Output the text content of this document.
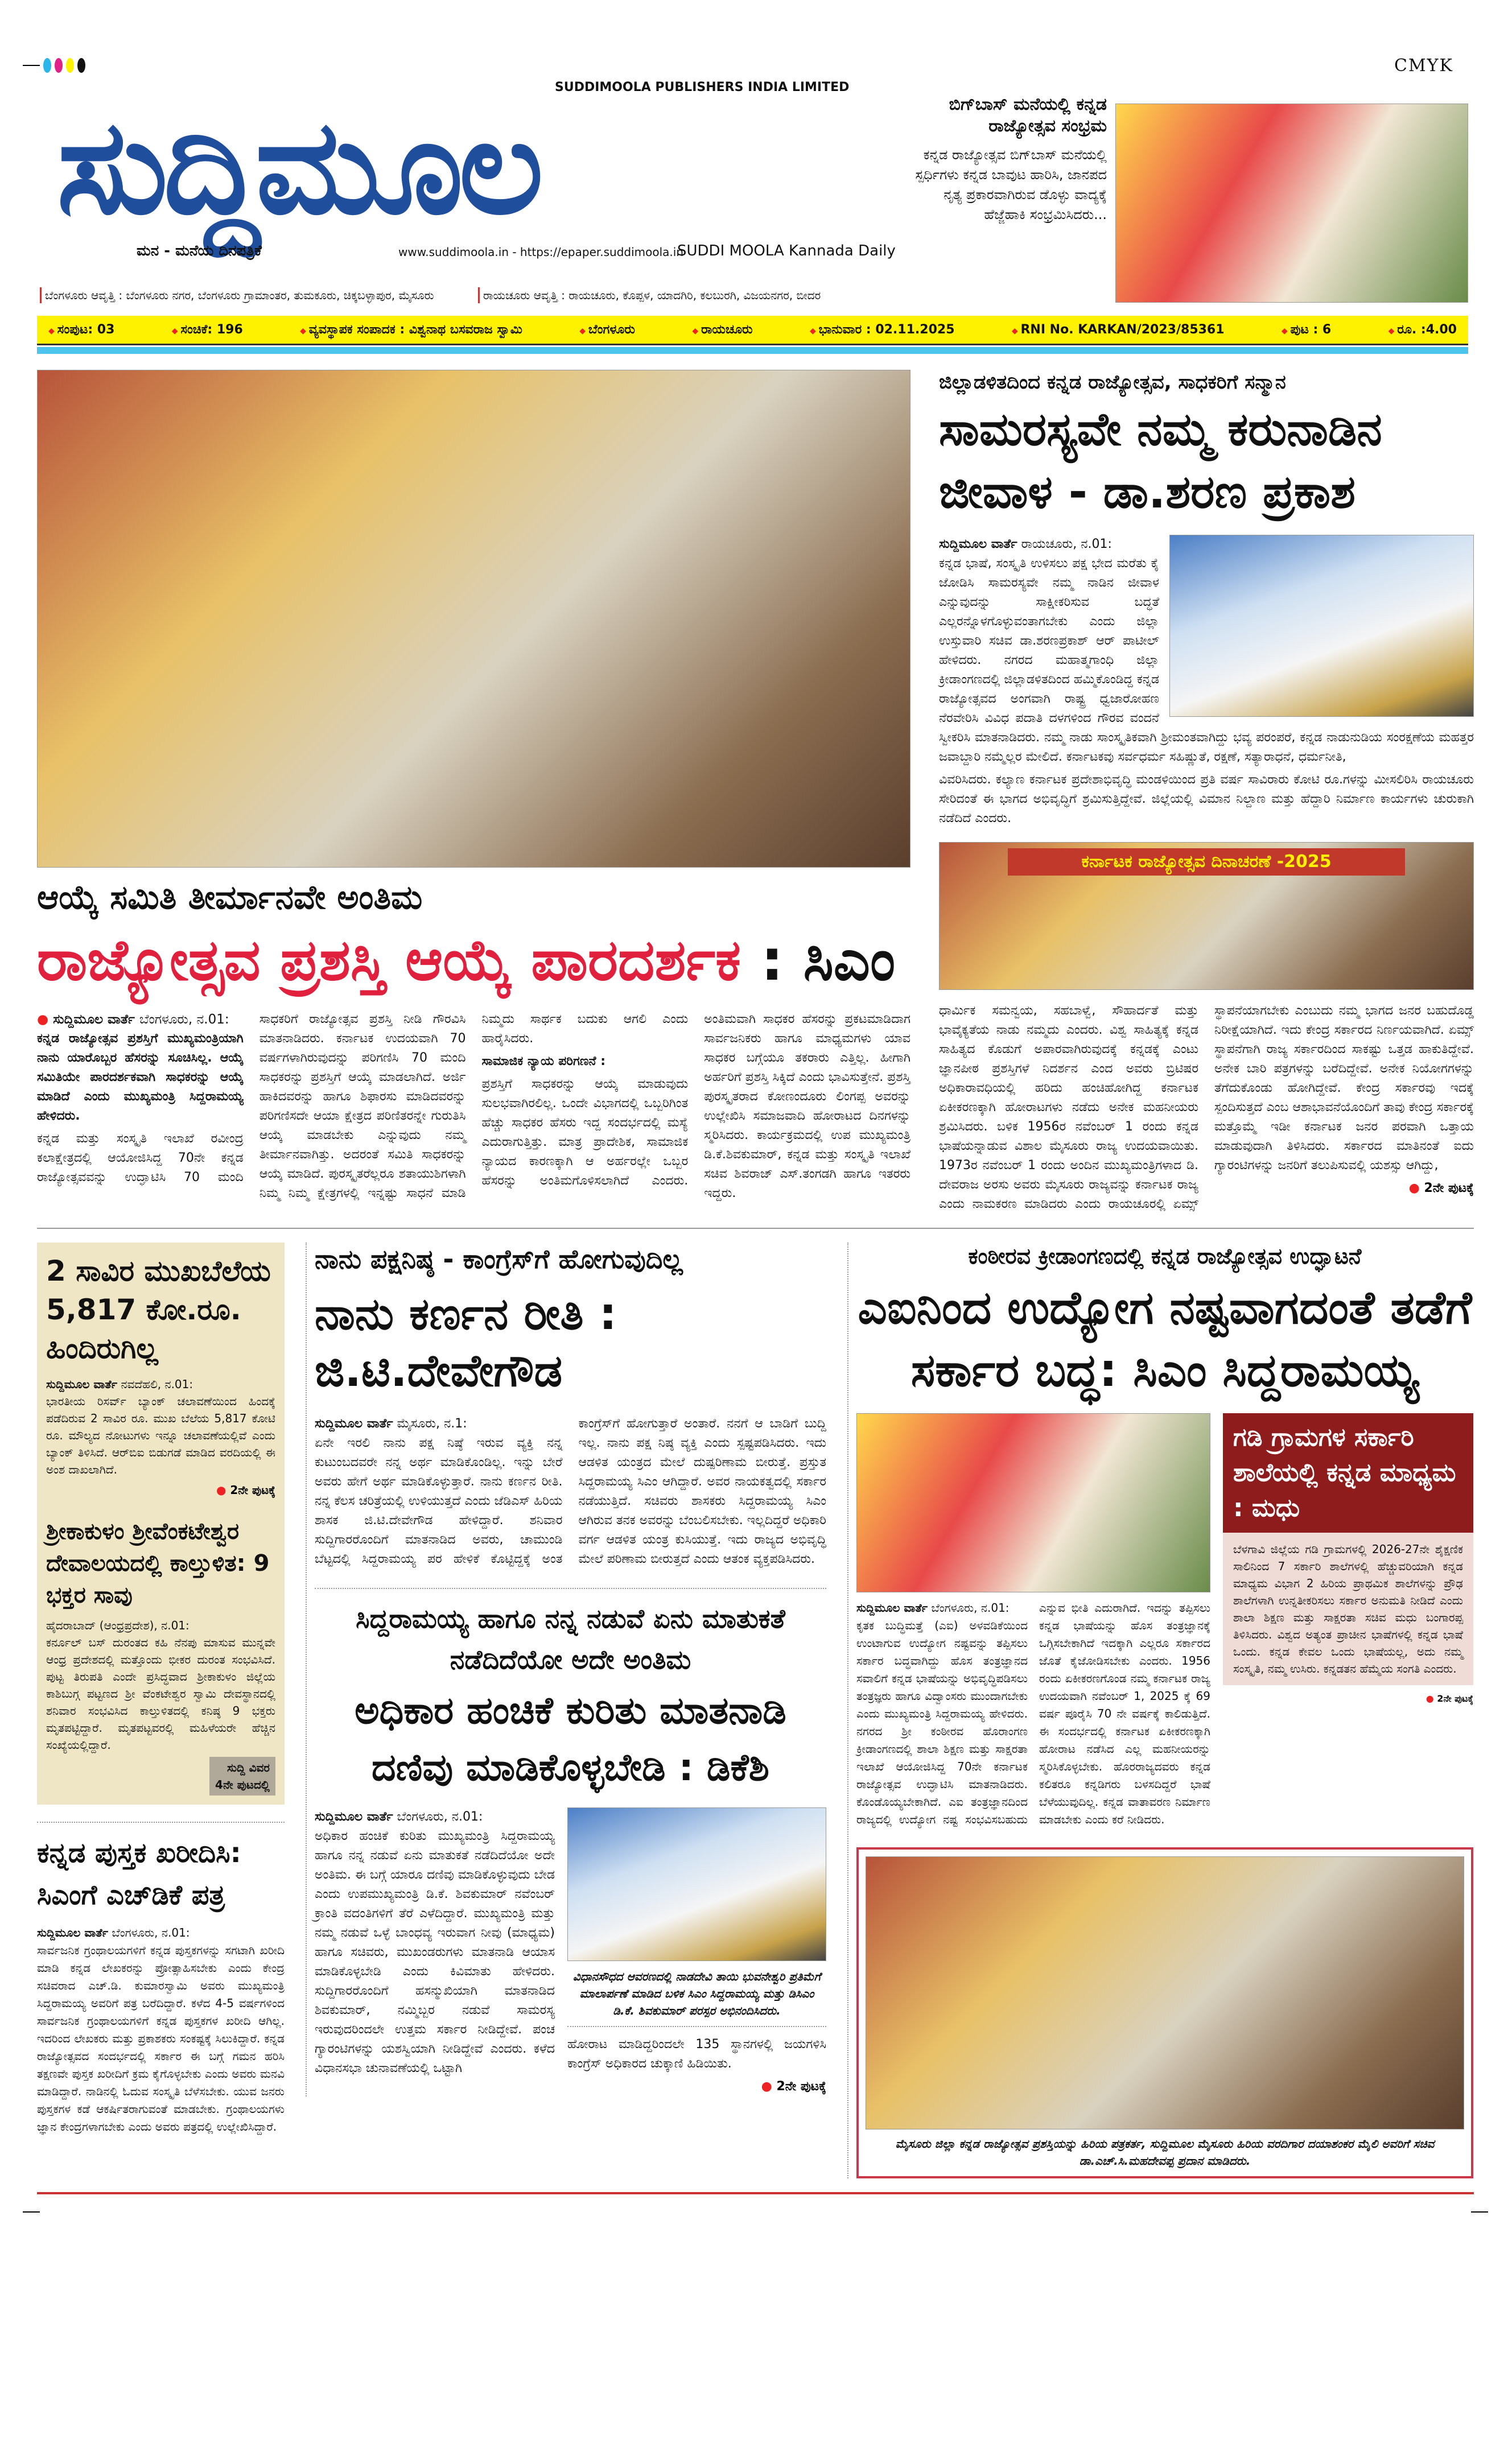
CMYK
SUDDIMOOLA PUBLISHERS INDIA LIMITED
ಸುದ್ದಿಮೂಲ
ಮನ - ಮನೆಯ ದಿನಪತ್ರಿಕೆ	www.suddimoola.in - https://epaper.suddimoola.in
SUDDI MOOLA Kannada Daily
ಬೆಂಗಳೂರು ಆವೃತ್ತಿ : ಬೆಂಗಳೂರು ನಗರ, ಬೆಂಗಳೂರು ಗ್ರಾಮಾಂತರ, ತುಮಕೂರು, ಚಿಕ್ಕಬಳ್ಳಾಪುರ, ಮೈಸೂರು	ರಾಯಚೂರು ಆವೃತ್ತಿ : ರಾಯಚೂರು, ಕೊಪ್ಪಳ, ಯಾದಗಿರಿ, ಕಲಬುರಗಿ, ವಿಜಯನಗರ, ಬೀದರ
ಬಿಗ್‌ಬಾಸ್ ಮನೆಯಲ್ಲಿ ಕನ್ನಡ ರಾಜ್ಯೋತ್ಸವ ಸಂಭ್ರಮ
ಕನ್ನಡ ರಾಜ್ಯೋತ್ಸವ ಬಿಗ್‌ಬಾಸ್ ಮನೆಯಲ್ಲಿ ಸ್ಪರ್ಧಿಗಳು ಕನ್ನಡ ಬಾವುಟ ಹಾರಿಸಿ, ಜಾನಪದ ನೃತ್ಯ ಪ್ರಕಾರವಾಗಿರುವ ಡೊಳ್ಳು ವಾದ್ಯಕ್ಕೆ ಹೆಜ್ಜೆಹಾಕಿ ಸಂಭ್ರಮಿಸಿದರು...
◆ ಸಂಪುಟ: 03	◆ ಸಂಚಿಕೆ: 196	◆ ವ್ಯವಸ್ಥಾಪಕ ಸಂಪಾದಕ : ವಿಶ್ವನಾಥ ಬಸವರಾಜ ಸ್ವಾಮಿ	◆ ಬೆಂಗಳೂರು	◆ ರಾಯಚೂರು	◆ ಭಾನುವಾರ : 02.11.2025	◆ RNI No. KARKAN/2023/85361	◆ ಪುಟ : 6	◆ ರೂ. :4.00
ಆಯ್ಕೆ ಸಮಿತಿ ತೀರ್ಮಾನವೇ ಅಂತಿಮ
ರಾಜ್ಯೋತ್ಸವ ಪ್ರಶಸ್ತಿ ಆಯ್ಕೆ ಪಾರದರ್ಶಕ : ಸಿಎಂ
● ಸುದ್ದಿಮೂಲ ವಾರ್ತೆ ಬೆಂಗಳೂರು, ನ.01:

ಕನ್ನಡ ರಾಜ್ಯೋತ್ಸವ ಪ್ರಶಸ್ತಿಗೆ ಮುಖ್ಯಮಂತ್ರಿಯಾಗಿ ನಾನು ಯಾರೊಬ್ಬರ ಹೆಸರನ್ನು ಸೂಚಿಸಿಲ್ಲ. ಆಯ್ಕೆ ಸಮಿತಿಯೇ ಪಾರದರ್ಶಕವಾಗಿ ಸಾಧಕರನ್ನು ಆಯ್ಕೆ ಮಾಡಿದೆ ಎಂದು ಮುಖ್ಯಮಂತ್ರಿ ಸಿದ್ದರಾಮಯ್ಯ ಹೇಳಿದರು.

ಕನ್ನಡ ಮತ್ತು ಸಂಸ್ಕೃತಿ ಇಲಾಖೆ ರವೀಂದ್ರ ಕಲಾಕ್ಷೇತ್ರದಲ್ಲಿ ಆಯೋಜಿಸಿದ್ದ 70ನೇ ಕನ್ನಡ ರಾಜ್ಯೋತ್ಸವವನ್ನು ಉದ್ಘಾಟಿಸಿ 70 ಮಂದಿ ಸಾಧಕರಿಗೆ ರಾಜ್ಯೋತ್ಸವ ಪ್ರಶಸ್ತಿ ನೀಡಿ ಗೌರವಿಸಿ ಮಾತನಾಡಿದರು. ಕರ್ನಾಟಕ ಉದಯವಾಗಿ 70 ವರ್ಷಗಳಾಗಿರುವುದನ್ನು ಪರಿಗಣಿಸಿ 70 ಮಂದಿ ಸಾಧಕರನ್ನು ಪ್ರಶಸ್ತಿಗೆ ಆಯ್ಕೆ ಮಾಡಲಾಗಿದೆ. ಅರ್ಜಿ ಹಾಕಿದವರನ್ನು ಹಾಗೂ ಶಿಫಾರಸು ಮಾಡಿದವರನ್ನು ಪರಿಗಣಿಸದೇ ಆಯಾ ಕ್ಷೇತ್ರದ ಪರಿಣಿತರನ್ನೇ ಗುರುತಿಸಿ ಆಯ್ಕೆ ಮಾಡಬೇಕು ಎನ್ನುವುದು ನಮ್ಮ ತೀರ್ಮಾನವಾಗಿತ್ತು. ಅದರಂತೆ ಸಮಿತಿ ಸಾಧಕರನ್ನು ಆಯ್ಕೆ ಮಾಡಿದೆ. ಪುರಸ್ಕೃತರೆಲ್ಲರೂ ಶತಾಯುಶಿಗಳಾಗಿ ನಿಮ್ಮ ನಿಮ್ಮ ಕ್ಷೇತ್ರಗಳಲ್ಲಿ ಇನ್ನಷ್ಟು ಸಾಧನೆ ಮಾಡಿ ನಿಮ್ಮದು ಸಾರ್ಥಕ ಬದುಕು ಆಗಲಿ ಎಂದು ಹಾರೈಸಿದರು.

ಸಾಮಾಜಿಕ ನ್ಯಾಯ ಪರಿಗಣನೆ :

ಪ್ರಶಸ್ತಿಗೆ ಸಾಧಕರನ್ನು ಆಯ್ಕೆ ಮಾಡುವುದು ಸುಲಭವಾಗಿರಲಿಲ್ಲ. ಒಂದೇ ವಿಭಾಗದಲ್ಲಿ ಒಬ್ಬರಿಗಿಂತ ಹೆಚ್ಚು ಸಾಧಕರ ಹೆಸರು ಇದ್ದ ಸಂದರ್ಭದಲ್ಲಿ ಮಸ್ಯೆ ಎದುರಾಗುತ್ತಿತ್ತು. ಮಾತ್ರ ಪ್ರಾದೇಶಿಕ, ಸಾಮಾಜಿಕ ನ್ಯಾಯದ ಕಾರಣಕ್ಕಾಗಿ ಆ ಅರ್ಹರಲ್ಲೇ ಒಬ್ಬರ ಹೆಸರನ್ನು ಅಂತಿಮಗೊಳಿಸಲಾಗಿದೆ ಎಂದರು. ಅಂತಿಮವಾಗಿ ಸಾಧಕರ ಹೆಸರನ್ನು ಪ್ರಕಟಮಾಡಿದಾಗ ಸಾರ್ವಜನಿಕರು ಹಾಗೂ ಮಾಧ್ಯಮಗಳು ಯಾವ ಸಾಧಕರ ಬಗ್ಗೆಯೂ ತಕರಾರು ಎತ್ತಿಲ್ಲ. ಹೀಗಾಗಿ ಅರ್ಹರಿಗೆ ಪ್ರಶಸ್ತಿ ಸಿಕ್ಕಿದೆ ಎಂದು ಭಾವಿಸುತ್ತೇನೆ. ಪ್ರಶಸ್ತಿ ಪುರಸ್ಕೃತರಾದ ಕೋಣಂದೂರು ಲಿಂಗಪ್ಪ ಅವರನ್ನು ಉಲ್ಲೇಖಿಸಿ ಸಮಾಜವಾದಿ ಹೋರಾಟದ ದಿನಗಳನ್ನು ಸ್ಮರಿಸಿದರು. ಕಾರ್ಯಕ್ರಮದಲ್ಲಿ ಉಪ ಮುಖ್ಯಮಂತ್ರಿ ಡಿ.ಕೆ.ಶಿವಕುಮಾರ್, ಕನ್ನಡ ಮತ್ತು ಸಂಸ್ಕೃತಿ ಇಲಾಖೆ ಸಚಿವ ಶಿವರಾಜ್ ಎಸ್.ತಂಗಡಗಿ ಹಾಗೂ ಇತರರು ಇದ್ದರು.

ಜಿಲ್ಲಾಡಳಿತದಿಂದ ಕನ್ನಡ ರಾಜ್ಯೋತ್ಸವ, ಸಾಧಕರಿಗೆ ಸನ್ಮಾನ
ಸಾಮರಸ್ಯವೇ ನಮ್ಮ ಕರುನಾಡಿನ ಜೀವಾಳ - ಡಾ.ಶರಣ ಪ್ರಕಾಶ
ಸುದ್ದಿಮೂಲ ವಾರ್ತೆ ರಾಯಚೂರು, ನ.01:

ಕನ್ನಡ ಭಾಷೆ, ಸಂಸ್ಕೃತಿ ಉಳಿಸಲು ಪಕ್ಷ ಭೇದ ಮರೆತು ಕೈ ಜೋಡಿಸಿ ಸಾಮರಸ್ಯವೇ ನಮ್ಮ ನಾಡಿನ ಜೀವಾಳ ಎನ್ನುವುದನ್ನು ಸಾಕ್ಷೀಕರಿಸುವ ಬದ್ಧತೆ ಎಲ್ಲರನ್ನೊಳಗೊಳ್ಳುವಂತಾಗಬೇಕು ಎಂದು ಜಿಲ್ಲಾ ಉಸ್ತುವಾರಿ ಸಚಿವ ಡಾ.ಶರಣಪ್ರಕಾಶ್ ಆರ್ ಪಾಟೀಲ್ ಹೇಳಿದರು. ನಗರದ ಮಹಾತ್ಮಗಾಂಧಿ ಜಿಲ್ಲಾ ಕ್ರೀಡಾಂಗಣದಲ್ಲಿ ಜಿಲ್ಲಾಡಳಿತದಿಂದ ಹಮ್ಮಿಕೊಂಡಿದ್ದ ಕನ್ನಡ ರಾಜ್ಯೋತ್ಸವದ ಅಂಗವಾಗಿ ರಾಷ್ಟ್ರ ಧ್ವಜಾರೋಹಣ ನೆರವೇರಿಸಿ ವಿವಿಧ ಪದಾತಿ ದಳಗಳಿಂದ ಗೌರವ ವಂದನೆ ಸ್ವೀಕರಿಸಿ ಮಾತನಾಡಿದರು. ನಮ್ಮ ನಾಡು ಸಾಂಸ್ಕೃತಿಕವಾಗಿ ಶ್ರೀಮಂತವಾಗಿದ್ದು ಭವ್ಯ ಪರಂಪರೆ, ಕನ್ನಡ ನಾಡುನುಡಿಯ ಸಂರಕ್ಷಣೆಯ ಮಹತ್ತರ ಜವಾಬ್ದಾರಿ ನಮ್ಮೆಲ್ಲರ ಮೇಲಿದೆ. ಕರ್ನಾಟಕವು ಸರ್ವಧರ್ಮ ಸಹಿಷ್ಣುತೆ, ರಕ್ಷಣೆ, ಸತ್ಯಾರಾಧನೆ, ಧರ್ಮನೀತಿ,

ವಿವರಿಸಿದರು. ಕಲ್ಯಾಣ ಕರ್ನಾಟಕ ಪ್ರದೇಶಾಭಿವೃದ್ಧಿ ಮಂಡಳಿಯಿಂದ ಪ್ರತಿ ವರ್ಷ ಸಾವಿರಾರು ಕೋಟಿ ರೂ.ಗಳನ್ನು ಮೀಸಲಿರಿಸಿ ರಾಯಚೂರು ಸೇರಿದಂತೆ ಈ ಭಾಗದ ಅಭಿವೃದ್ಧಿಗೆ ಶ್ರಮಿಸುತ್ತಿದ್ದೇವೆ. ಜಿಲ್ಲೆಯಲ್ಲಿ ವಿಮಾನ ನಿಲ್ದಾಣ ಮತ್ತು ಹೆದ್ದಾರಿ ನಿರ್ಮಾಣ ಕಾರ್ಯಗಳು ಚುರುಕಾಗಿ ನಡೆದಿದೆ ಎಂದರು.

ಕರ್ನಾಟಕ ರಾಜ್ಯೋತ್ಸವ ದಿನಾಚರಣೆ -2025

ಧಾರ್ಮಿಕ ಸಮನ್ವಯ, ಸಹಬಾಳ್ವೆ, ಸೌಹಾರ್ದತೆ ಮತ್ತು ಭಾವೈಕ್ಯತೆಯ ನಾಡು ನಮ್ಮದು ಎಂದರು. ವಿಶ್ವ ಸಾಹಿತ್ಯಕ್ಕೆ ಕನ್ನಡ ಸಾಹಿತ್ಯದ ಕೊಡುಗೆ ಅಪಾರವಾಗಿರುವುದಕ್ಕೆ ಕನ್ನಡಕ್ಕೆ ಎಂಟು ಜ್ಞಾನಪೀಠ ಪ್ರಶಸ್ತಿಗಳೆ ನಿದರ್ಶನ ಎಂದ ಅವರು ಬ್ರಿಟಿಷರ ಅಧಿಕಾರಾವಧಿಯಲ್ಲಿ ಹರಿದು ಹಂಚಿಹೋಗಿದ್ದ ಕರ್ನಾಟಕ ಏಕೀಕರಣಕ್ಕಾಗಿ ಹೋರಾಟಗಳು ನಡೆದು ಅನೇಕ ಮಹನೀಯರು ಶ್ರಮಿಸಿದರು. ಬಳಿಕ 1956ರ ನವೆಂಬರ್ 1 ರಂದು ಕನ್ನಡ ಭಾಷೆಯನ್ನಾಡುವ ವಿಶಾಲ ಮೈಸೂರು ರಾಜ್ಯ ಉದಯವಾಯಿತು. 1973ರ ನವೆಂಬರ್ 1 ರಂದು ಅಂದಿನ ಮುಖ್ಯಮಂತ್ರಿಗಳಾದ ಡಿ. ದೇವರಾಜ ಅರಸು ಅವರು ಮೈಸೂರು ರಾಜ್ಯವನ್ನು ಕರ್ನಾಟಕ ರಾಜ್ಯ ಎಂದು ನಾಮಕರಣ ಮಾಡಿದರು ಎಂದು ರಾಯಚೂರಲ್ಲಿ ಏಮ್ಸ್ ಸ್ಥಾಪನೆಯಾಗಬೇಕು ಎಂಬುದು ನಮ್ಮ ಭಾಗದ ಜನರ ಬಹುದೊಡ್ಡ ನಿರೀಕ್ಷೆಯಾಗಿದೆ. ಇದು ಕೇಂದ್ರ ಸರ್ಕಾರದ ನಿರ್ಣಯವಾಗಿದೆ. ಏಮ್ಸ್ ಸ್ಥಾಪನೆಗಾಗಿ ರಾಜ್ಯ ಸರ್ಕಾರದಿಂದ ಸಾಕಷ್ಟು ಒತ್ತಡ ಹಾಕುತಿದ್ದೇವೆ. ಅನೇಕ ಬಾರಿ ಪತ್ರಗಳನ್ನು ಬರೆದಿದ್ದೇವೆ. ಅನೇಕ ನಿಯೋಗಗಳನ್ನು ತೆಗೆದುಕೊಂಡು ಹೋಗಿದ್ದೇವೆ. ಕೇಂದ್ರ ಸರ್ಕಾರವು ಇದಕ್ಕೆ ಸ್ಪಂದಿಸುತ್ತದೆ ಎಂಬ ಆಶಾಭಾವನೆಯೊಂದಿಗೆ ತಾವು ಕೇಂದ್ರ ಸರ್ಕಾರಕ್ಕೆ ಮತ್ತೊಮ್ಮೆ ಇಡೀ ಕರ್ನಾಟಕ ಜನರ ಪರವಾಗಿ ಒತ್ತಾಯ ಮಾಡುವುದಾಗಿ ತಿಳಿಸಿದರು. ಸರ್ಕಾರದ ಮಾತಿನಂತೆ ಐದು ಗ್ಯಾರಂಟಿಗಳನ್ನು ಜನರಿಗೆ ತಲುಪಿಸುವಲ್ಲಿ ಯಶಸ್ಸು ಆಗಿದ್ದು,

● 2ನೇ ಪುಟಕ್ಕೆ
2 ಸಾವಿರ ಮುಖಬೆಲೆಯ 5,817 ಕೋ.ರೂ. ಹಿಂದಿರುಗಿಲ್ಲ
ಸುದ್ದಿಮೂಲ ವಾರ್ತೆ ನವದೆಹಲಿ, ನ.01:

ಭಾರತೀಯ ರಿಸರ್ವ್ ಬ್ಯಾಂಕ್ ಚಲಾವಣೆಯಿಂದ ಹಿಂದಕ್ಕೆ ಪಡೆದಿರುವ 2 ಸಾವಿರ ರೂ. ಮುಖ ಬೆಲೆಯ 5,817 ಕೋಟಿ ರೂ. ಮೌಲ್ಯದ ನೋಟುಗಳು ಇನ್ನೂ ಚಲಾವಣೆಯಲ್ಲಿವೆ ಎಂದು ಬ್ಯಾಂಕ್ ತಿಳಿಸಿದೆ. ಆರ್‌ಬಿಐ ಬಿಡುಗಡೆ ಮಾಡಿದ ವರದಿಯಲ್ಲಿ ಈ ಅಂಶ ದಾಖಲಾಗಿದೆ.

● 2ನೇ ಪುಟಕ್ಕೆ
ಶ್ರೀಕಾಕುಳಂ ಶ್ರೀವೆಂಕಟೇಶ್ವರ ದೇವಾಲಯದಲ್ಲಿ ಕಾಲ್ತುಳಿತ: 9 ಭಕ್ತರ ಸಾವು
ಹೈದರಾಬಾದ್ (ಆಂಧ್ರಪ್ರದೇಶ), ನ.01:

ಕರ್ನೂಲ್ ಬಸ್ ದುರಂತದ ಕಹಿ ನೆನಪು ಮಾಸುವ ಮುನ್ನವೇ ಆಂಧ್ರ ಪ್ರದೇಶದಲ್ಲಿ ಮತ್ತೊಂದು ಭೀಕರ ದುರಂತ ಸಂಭವಿಸಿದೆ. ಪುಟ್ಟ ತಿರುಪತಿ ಎಂದೇ ಪ್ರಸಿದ್ಧವಾದ ಶ್ರೀಕಾಕುಳಂ ಜಿಲ್ಲೆಯ ಕಾಶಿಬುಗ್ಗ ಪಟ್ಟಣದ ಶ್ರೀ ವೆಂಕಟೇಶ್ವರ ಸ್ವಾಮಿ ದೇವಸ್ಥಾನದಲ್ಲಿ ಶನಿವಾರ ಸಂಭವಿಸಿದ ಕಾಲ್ತುಳಿತದಲ್ಲಿ ಕನಿಷ್ಠ 9 ಭಕ್ತರು ಮೃತಪಟ್ಟಿದ್ದಾರೆ. ಮೃತಪಟ್ಟವರಲ್ಲಿ ಮಹಿಳೆಯರೇ ಹೆಚ್ಚಿನ ಸಂಖ್ಯೆಯಲ್ಲಿದ್ದಾರೆ.

ಸುದ್ದಿ ವಿವರ
4ನೇ ಪುಟದಲ್ಲಿ
ಕನ್ನಡ ಪುಸ್ತಕ ಖರೀದಿಸಿ: ಸಿಎಂಗೆ ಎಚ್‌ಡಿಕೆ ಪತ್ರ
ಸುದ್ದಿಮೂಲ ವಾರ್ತೆ ಬೆಂಗಳೂರು, ನ.01:

ಸಾರ್ವಜನಿಕ ಗ್ರಂಥಾಲಯಗಳಿಗೆ ಕನ್ನಡ ಪುಸ್ತಕಗಳನ್ನು ಸಗಟಾಗಿ ಖರೀದಿ ಮಾಡಿ ಕನ್ನಡ ಲೇಖಕರನ್ನು ಪ್ರೋತ್ಸಾಹಿಸಬೇಕು ಎಂದು ಕೇಂದ್ರ ಸಚಿವರಾದ ಎಚ್.ಡಿ. ಕುಮಾರಸ್ವಾಮಿ ಅವರು ಮುಖ್ಯಮಂತ್ರಿ ಸಿದ್ದರಾಮಯ್ಯ ಅವರಿಗೆ ಪತ್ರ ಬರೆದಿದ್ದಾರೆ. ಕಳೆದ 4-5 ವರ್ಷಗಳಿಂದ ಸಾರ್ವಜನಿಕ ಗ್ರಂಥಾಲಯಗಳಿಗೆ ಕನ್ನಡ ಪುಸ್ತಕಗಳ ಖರೀದಿ ಆಗಿಲ್ಲ. ಇದರಿಂದ ಲೇಖಕರು ಮತ್ತು ಪ್ರಕಾಶಕರು ಸಂಕಷ್ಟಕ್ಕೆ ಸಿಲುಕಿದ್ದಾರೆ. ಕನ್ನಡ ರಾಜ್ಯೋತ್ಸವದ ಸಂದರ್ಭದಲ್ಲಿ ಸರ್ಕಾರ ಈ ಬಗ್ಗೆ ಗಮನ ಹರಿಸಿ ತಕ್ಷಣವೇ ಪುಸ್ತಕ ಖರೀದಿಗೆ ಕ್ರಮ ಕೈಗೊಳ್ಳಬೇಕು ಎಂದು ಅವರು ಮನವಿ ಮಾಡಿದ್ದಾರೆ. ನಾಡಿನಲ್ಲಿ ಓದುವ ಸಂಸ್ಕೃತಿ ಬೆಳೆಸಬೇಕು. ಯುವ ಜನರು ಪುಸ್ತಕಗಳ ಕಡೆ ಆಕರ್ಷಿತರಾಗುವಂತೆ ಮಾಡಬೇಕು. ಗ್ರಂಥಾಲಯಗಳು ಜ್ಞಾನ ಕೇಂದ್ರಗಳಾಗಬೇಕು ಎಂದು ಅವರು ಪತ್ರದಲ್ಲಿ ಉಲ್ಲೇಖಿಸಿದ್ದಾರೆ.

ನಾನು ಪಕ್ಷನಿಷ್ಠ - ಕಾಂಗ್ರೆಸ್‌ಗೆ ಹೋಗುವುದಿಲ್ಲ
ನಾನು ಕರ್ಣನ ರೀತಿ : ಜಿ.ಟಿ.ದೇವೇಗೌಡ
ಸುದ್ದಿಮೂಲ ವಾರ್ತೆ ಮೈಸೂರು, ನ.1:

ಏನೇ ಇರಲಿ ನಾನು ಪಕ್ಷ ನಿಷ್ಠೆ ಇರುವ ವ್ಯಕ್ತಿ ನನ್ನ ಕುಟುಂಬದವರೇ ನನ್ನ ಅರ್ಥ ಮಾಡಿಕೊಂಡಿಲ್ಲ. ಇನ್ನು ಬೇರೆ ಅವರು ಹೇಗೆ ಅರ್ಥ ಮಾಡಿಕೊಳ್ಳುತ್ತಾರೆ. ನಾನು ಕರ್ಣನ ರೀತಿ. ನನ್ನ ಕೆಲಸ ಚರಿತ್ರೆಯಲ್ಲಿ ಉಳಿಯುತ್ತದೆ ಎಂದು ಜೆಡಿಎಸ್ ಹಿರಿಯ ಶಾಸಕ ಜಿ.ಟಿ.ದೇವೇಗೌಡ ಹೇಳಿದ್ದಾರೆ. ಶನಿವಾರ ಸುದ್ದಿಗಾರರೊಂದಿಗೆ ಮಾತನಾಡಿದ ಅವರು, ಚಾಮುಂಡಿ ಬೆಟ್ಟದಲ್ಲಿ ಸಿದ್ದರಾಮಯ್ಯ ಪರ ಹೇಳಿಕೆ ಕೊಟ್ಟಿದ್ದಕ್ಕೆ ಅಂತ ಕಾಂಗ್ರೆಸ್‌ಗೆ ಹೋಗುತ್ತಾರೆ ಅಂತಾರೆ. ನನಗೆ ಆ ಬಾಡಿಗೆ ಬುದ್ದಿ ಇಲ್ಲ. ನಾನು ಪಕ್ಷ ನಿಷ್ಠ ವ್ಯಕ್ತಿ ಎಂದು ಸ್ಪಷ್ಟಪಡಿಸಿದರು. ಇದು ಆಡಳಿತ ಯಂತ್ರದ ಮೇಲೆ ದುಷ್ಪರಿಣಾಮ ಬೀರುತ್ತೆ. ಪ್ರಸ್ತುತ ಸಿದ್ದರಾಮಯ್ಯ ಸಿಎಂ ಆಗಿದ್ದಾರೆ. ಅವರ ನಾಯಕತ್ವದಲ್ಲಿ ಸರ್ಕಾರ ನಡೆಯುತ್ತಿದೆ. ಸಚಿವರು ಶಾಸಕರು ಸಿದ್ದರಾಮಯ್ಯ ಸಿಎಂ ಆಗಿರುವ ತನಕ ಅವರನ್ನು ಬೆಂಬಲಿಸಬೇಕು. ಇಲ್ಲದಿದ್ದರೆ ಅಧಿಕಾರಿ ವರ್ಗ ಆಡಳಿತ ಯಂತ್ರ ಕುಸಿಯುತ್ತೆ. ಇದು ರಾಜ್ಯದ ಅಭಿವೃದ್ಧಿ ಮೇಲೆ ಪರಿಣಾಮ ಬೀರುತ್ತದೆ ಎಂದು ಆತಂಕ ವ್ಯಕ್ತಪಡಿಸಿದರು.

ಸಿದ್ದರಾಮಯ್ಯ ಹಾಗೂ ನನ್ನ ನಡುವೆ ಏನು ಮಾತುಕತೆ ನಡೆದಿದೆಯೋ ಅದೇ ಅಂತಿಮ
ಅಧಿಕಾರ ಹಂಚಿಕೆ ಕುರಿತು ಮಾತನಾಡಿ ದಣಿವು ಮಾಡಿಕೊಳ್ಳಬೇಡಿ : ಡಿಕೆಶಿ
ಸುದ್ದಿಮೂಲ ವಾರ್ತೆ ಬೆಂಗಳೂರು, ನ.01:

ಅಧಿಕಾರ ಹಂಚಿಕೆ ಕುರಿತು ಮುಖ್ಯಮಂತ್ರಿ ಸಿದ್ದರಾಮಯ್ಯ ಹಾಗೂ ನನ್ನ ನಡುವೆ ಏನು ಮಾತುಕತೆ ನಡೆದಿದೆಯೋ ಅದೇ ಅಂತಿಮ. ಈ ಬಗ್ಗೆ ಯಾರೂ ದಣಿವು ಮಾಡಿಕೊಳ್ಳುವುದು ಬೇಡ ಎಂದು ಉಪಮುಖ್ಯಮಂತ್ರಿ ಡಿ.ಕೆ. ಶಿವಕುಮಾರ್ ನವೆಂಬರ್ ಕ್ರಾಂತಿ ವದಂತಿಗಳಿಗೆ ತೆರೆ ಎಳೆದಿದ್ದಾರೆ. ಮುಖ್ಯಮಂತ್ರಿ ಮತ್ತು ನಮ್ಮ ನಡುವೆ ಒಳ್ಳೆ ಬಾಂಧವ್ಯ ಇರುವಾಗ ನೀವು (ಮಾಧ್ಯಮ) ಹಾಗೂ ಸಚಿವರು, ಮುಖಂಡರುಗಳು ಮಾತನಾಡಿ ಆಯಾಸ ಮಾಡಿಕೊಳ್ಳಬೇಡಿ ಎಂದು ಕಿವಿಮಾತು ಹೇಳಿದರು. ಸುದ್ದಿಗಾರರೊಂದಿಗೆ ಹಸನ್ಮುಖಿಯಾಗಿ ಮಾತನಾಡಿದ ಶಿವಕುಮಾರ್, ನಮ್ಮಿಬ್ಬರ ನಡುವೆ ಸಾಮರಸ್ಯ ಇರುವುದರಿಂದಲೇ ಉತ್ತಮ ಸರ್ಕಾರ ನೀಡಿದ್ದೇವೆ. ಪಂಚ ಗ್ಯಾರಂಟಿಗಳನ್ನು ಯಶಸ್ವಿಯಾಗಿ ನೀಡಿದ್ದೇವೆ ಎಂದರು. ಕಳೆದ ವಿಧಾನಸಭಾ ಚುನಾವಣೆಯಲ್ಲಿ ಒಟ್ಟಾಗಿ

ವಿಧಾನಸೌಧದ ಆವರಣದಲ್ಲಿ ನಾಡದೇವಿ ತಾಯಿ ಭುವನೇಶ್ವರಿ ಪ್ರತಿಮೆಗೆ ಮಾಲಾರ್ಪಣೆ ಮಾಡಿದ ಬಳಿಕ ಸಿಎಂ ಸಿದ್ದರಾಮಯ್ಯ ಮತ್ತು ಡಿಸಿಎಂ ಡಿ.ಕೆ. ಶಿವಕುಮಾರ್ ಪರಸ್ಪರ ಅಭಿನಂದಿಸಿದರು.

ಹೋರಾಟ ಮಾಡಿದ್ದರಿಂದಲೇ 135 ಸ್ಥಾನಗಳಲ್ಲಿ ಜಯಗಳಿಸಿ ಕಾಂಗ್ರೆಸ್ ಅಧಿಕಾರದ ಚುಕ್ಕಾಣಿ ಹಿಡಿಯಿತು.

● 2ನೇ ಪುಟಕ್ಕೆ
ಕಂಠೀರವ ಕ್ರೀಡಾಂಗಣದಲ್ಲಿ ಕನ್ನಡ ರಾಜ್ಯೋತ್ಸವ ಉದ್ಘಾಟನೆ
ಎಐನಿಂದ ಉದ್ಯೋಗ ನಷ್ಟವಾಗದಂತೆ ತಡೆಗೆ ಸರ್ಕಾರ ಬದ್ಧ: ಸಿಎಂ ಸಿದ್ದರಾಮಯ್ಯ
ಸುದ್ದಿಮೂಲ ವಾರ್ತೆ ಬೆಂಗಳೂರು, ನ.01:

ಕೃತಕ ಬುದ್ಧಿಮತ್ತೆ (ಎಐ) ಅಳವಡಿಕೆಯಿಂದ ಉಂಟಾಗುವ ಉದ್ಯೋಗ ನಷ್ಟವನ್ನು ತಪ್ಪಿಸಲು ಸರ್ಕಾರ ಬದ್ಧವಾಗಿದ್ದು ಹೊಸ ತಂತ್ರಜ್ಞಾನದ ಸವಾಲಿಗೆ ಕನ್ನಡ ಭಾಷೆಯನ್ನು ಅಭಿವೃದ್ಧಿಪಡಿಸಲು ತಂತ್ರಜ್ಞರು ಹಾಗೂ ವಿದ್ವಾಂಸರು ಮುಂದಾಗಬೇಕು ಎಂದು ಮುಖ್ಯಮಂತ್ರಿ ಸಿದ್ದರಾಮಯ್ಯ ಹೇಳಿದರು. ನಗರದ ಶ್ರೀ ಕಂಠೀರವ ಹೊರಾಂಗಣ ಕ್ರೀಡಾಂಗಣದಲ್ಲಿ ಶಾಲಾ ಶಿಕ್ಷಣ ಮತ್ತು ಸಾಕ್ಷರತಾ ಇಲಾಖೆ ಆಯೋಜಿಸಿದ್ದ 70ನೇ ಕರ್ನಾಟಕ ರಾಜ್ಯೋತ್ಸವ ಉದ್ಘಾಟಿಸಿ ಮಾತನಾಡಿದರು. ಕೊಂಡೊಯ್ಯಬೇಕಾಗಿದೆ. ಎಐ ತಂತ್ರಜ್ಞಾನದಿಂದ ರಾಜ್ಯದಲ್ಲಿ ಉದ್ಯೋಗ ನಷ್ಟ ಸಂಭವಿಸಬಹುದು ಎನ್ನುವ ಭೀತಿ ಎದುರಾಗಿದೆ. ಇದನ್ನು ತಪ್ಪಿಸಲು ಕನ್ನಡ ಭಾಷೆಯನ್ನು ಹೊಸ ತಂತ್ರಜ್ಞಾನಕ್ಕೆ ಒಗ್ಗಿಸಬೇಕಾಗಿದೆ ಇದಕ್ಕಾಗಿ ಎಲ್ಲರೂ ಸರ್ಕಾರದ ಜೊತೆ ಕೈಜೋಡಿಸಬೇಕು ಎಂದರು. 1956 ರಂದು ಏಕೀಕರಣಗೊಂಡ ನಮ್ಮ ಕರ್ನಾಟಕ ರಾಜ್ಯ ಉದಯವಾಗಿ ನವೆಂಬರ್ 1, 2025 ಕ್ಕೆ 69 ವರ್ಷ ಪೂರೈಸಿ 70 ನೇ ವರ್ಷಕ್ಕೆ ಕಾಲಿಡುತ್ತಿದೆ. ಈ ಸಂದರ್ಭದಲ್ಲಿ ಕರ್ನಾಟಕ ಏಕೀಕರಣಕ್ಕಾಗಿ ಹೋರಾಟ ನಡೆಸಿದ ಎಲ್ಲ ಮಹನೀಯರನ್ನು ಸ್ಮರಿಸಿಕೊಳ್ಳಬೇಕು. ಹೊರರಾಜ್ಯದವರು ಕನ್ನಡ ಕಲಿತರೂ ಕನ್ನಡಿಗರು ಬಳಸದಿದ್ದರೆ ಭಾಷೆ ಬೆಳೆಯುವುದಿಲ್ಲ. ಕನ್ನಡ ವಾತಾವರಣ ನಿರ್ಮಾಣ ಮಾಡಬೇಕು ಎಂದು ಕರೆ ನೀಡಿದರು.

ಗಡಿ ಗ್ರಾಮಗಳ ಸರ್ಕಾರಿ ಶಾಲೆಯಲ್ಲಿ ಕನ್ನಡ ಮಾಧ್ಯಮ : ಮಧು

ಬೆಳಗಾವಿ ಜಿಲ್ಲೆಯ ಗಡಿ ಗ್ರಾಮಗಳಲ್ಲಿ 2026-27ನೇ ಶೈಕ್ಷಣಿಕ ಸಾಲಿನಿಂದ 7 ಸರ್ಕಾರಿ ಶಾಲೆಗಳಲ್ಲಿ ಹೆಚ್ಚುವರಿಯಾಗಿ ಕನ್ನಡ ಮಾಧ್ಯಮ ವಿಭಾಗ 2 ಹಿರಿಯ ಪ್ರಾಥಮಿಕ ಶಾಲೆಗಳನ್ನು ಪ್ರೌಢ ಶಾಲೆಗಳಾಗಿ ಉನ್ನತೀಕರಿಸಲು ಸರ್ಕಾರ ಅನುಮತಿ ನೀಡಿದೆ ಎಂದು ಶಾಲಾ ಶಿಕ್ಷಣ ಮತ್ತು ಸಾಕ್ಷರತಾ ಸಚಿವ ಮಧು ಬಂಗಾರಪ್ಪ ತಿಳಿಸಿದರು. ವಿಶ್ವದ ಅತ್ಯಂತ ಪ್ರಾಚೀನ ಭಾಷೆಗಳಲ್ಲಿ ಕನ್ನಡ ಭಾಷೆ ಒಂದು. ಕನ್ನಡ ಕೇವಲ ಒಂದು ಭಾಷೆಯಲ್ಲ, ಅದು ನಮ್ಮ ಸಂಸ್ಕೃತಿ, ನಮ್ಮ ಉಸಿರು. ಕನ್ನಡತನ ಹೆಮ್ಮೆಯ ಸಂಗತಿ ಎಂದರು.

● 2ನೇ ಪುಟಕ್ಕೆ
ಮೈಸೂರು ಜಿಲ್ಲಾ ಕನ್ನಡ ರಾಜ್ಯೋತ್ಸವ ಪ್ರಶಸ್ತಿಯನ್ನು ಹಿರಿಯ ಪತ್ರಕರ್ತ, ಸುದ್ದಿಮೂಲ ಮೈಸೂರು ಹಿರಿಯ ವರದಿಗಾರ ದಯಾಶಂಕರ ಮೈಲಿ ಅವರಿಗೆ ಸಚಿವ ಡಾ.ಎಚ್.ಸಿ.ಮಹದೇವಪ್ಪ ಪ್ರದಾನ ಮಾಡಿದರು.
